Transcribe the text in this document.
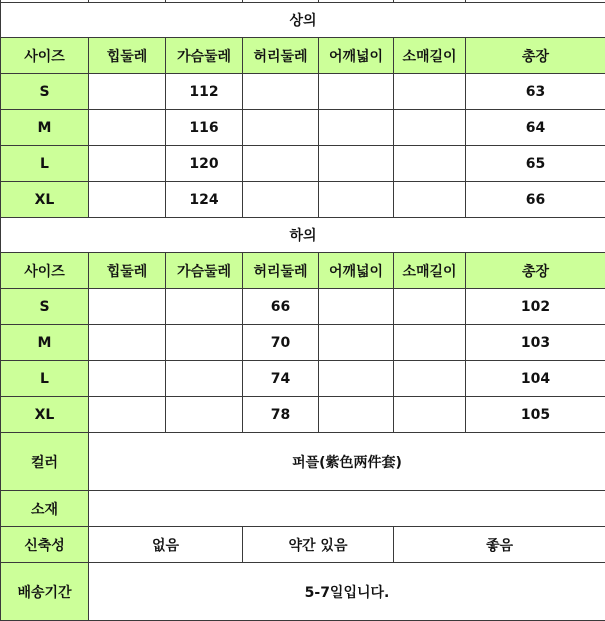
상의						
사이즈	힙둘레	가슴둘레	허리둘레	어깨넓이	소매길이	총장
S		112				63
M		116				64
L		120				65
XL		124				66
하의						
사이즈	힙둘레	가슴둘레	허리둘레	어깨넓이	소매길이	총장
S			66			102
M			70			103
L			74			104
XL			78			105
컬러	퍼플(紫色两件套)					
소재						
신축성	없음		약간 있음		좋음	
배송기간	5-7일입니다.					
